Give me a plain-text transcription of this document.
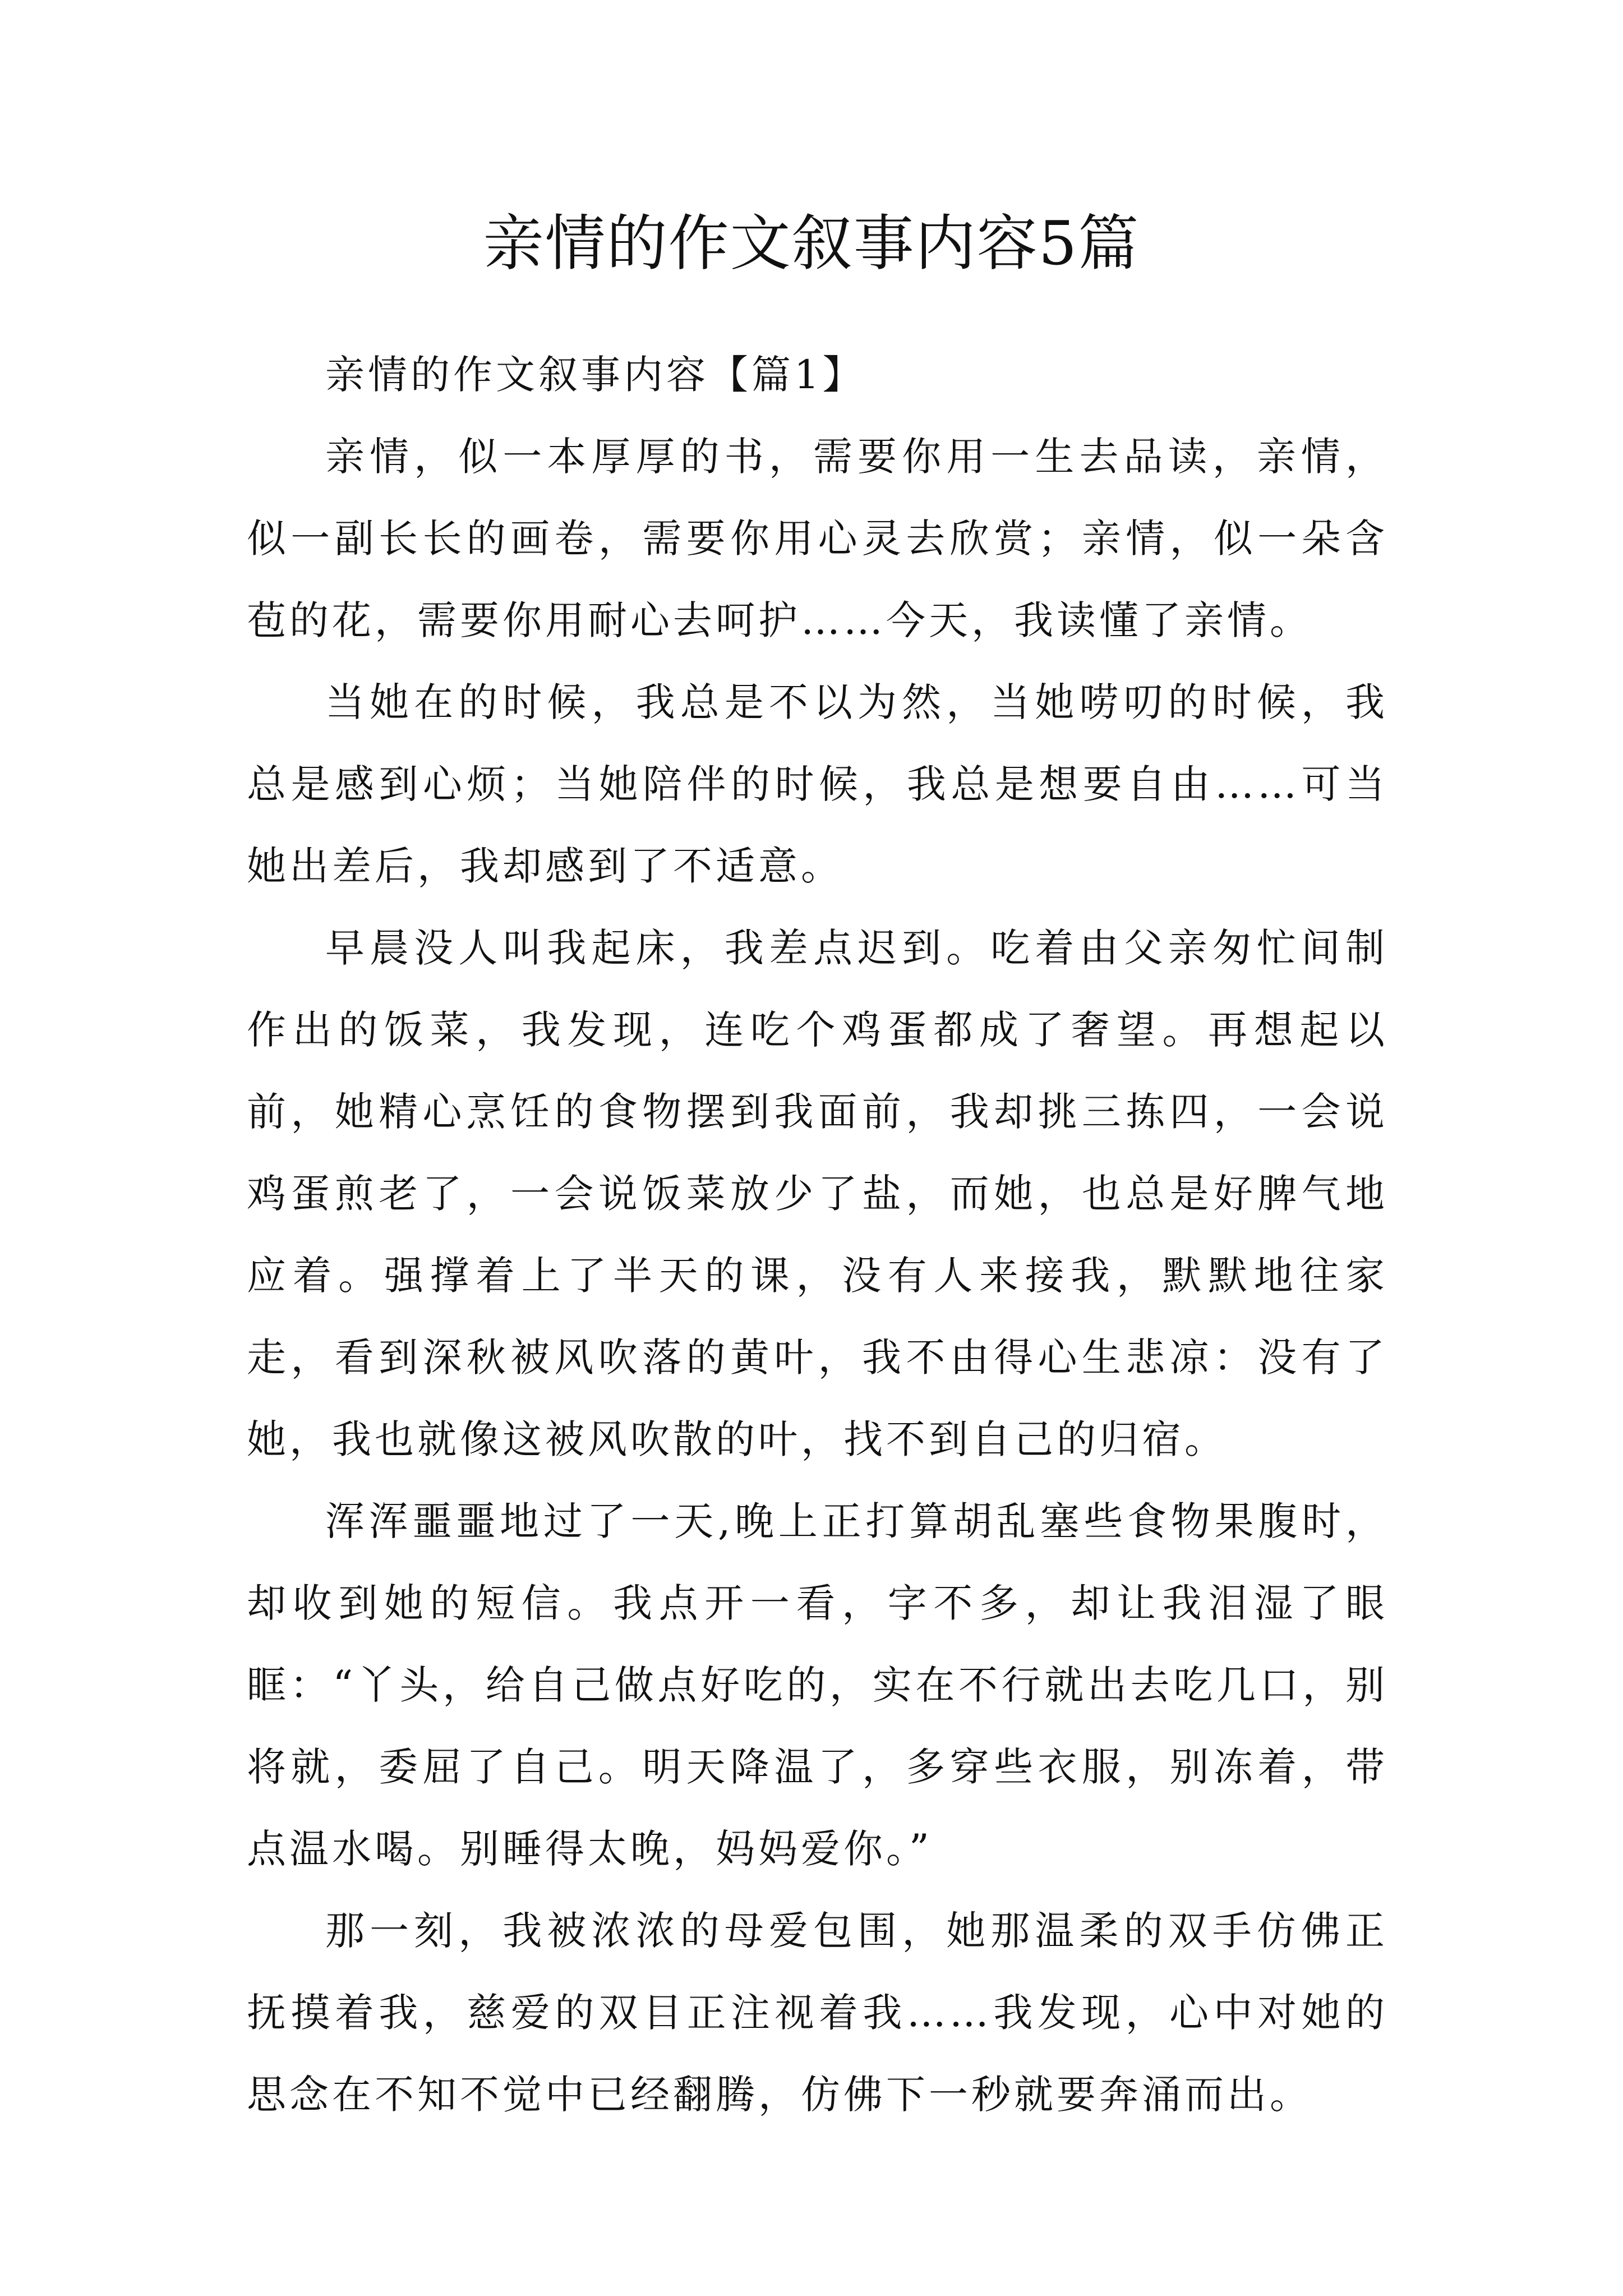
亲情的作文叙事内容5篇

亲情的作文叙事内容【篇1】

亲情，似一本厚厚的书，需要你用一生去品读，亲情，似一副长长的画卷，需要你用心灵去欣赏；亲情，似一朵含苞的花，需要你用耐心去呵护……今天，我读懂了亲情。

当她在的时候，我总是不以为然，当她唠叨的时候，我总是感到心烦；当她陪伴的时候，我总是想要自由……可当她出差后，我却感到了不适意。

早晨没人叫我起床，我差点迟到。吃着由父亲匆忙间制作出的饭菜，我发现，连吃个鸡蛋都成了奢望。再想起以前，她精心烹饪的食物摆到我面前，我却挑三拣四，一会说鸡蛋煎老了，一会说饭菜放少了盐，而她，也总是好脾气地应着。强撑着上了半天的课，没有人来接我，默默地往家走，看到深秋被风吹落的黄叶，我不由得心生悲凉：没有了她，我也就像这被风吹散的叶，找不到自己的归宿。

浑浑噩噩地过了一天,晚上正打算胡乱塞些食物果腹时，却收到她的短信。我点开一看，字不多，却让我泪湿了眼眶：“丫头，给自己做点好吃的，实在不行就出去吃几口，别将就，委屈了自己。明天降温了，多穿些衣服，别冻着，带点温水喝。别睡得太晚，妈妈爱你。”

那一刻，我被浓浓的母爱包围，她那温柔的双手仿佛正抚摸着我，慈爱的双目正注视着我……我发现，心中对她的思念在不知不觉中已经翻腾，仿佛下一秒就要奔涌而出。
